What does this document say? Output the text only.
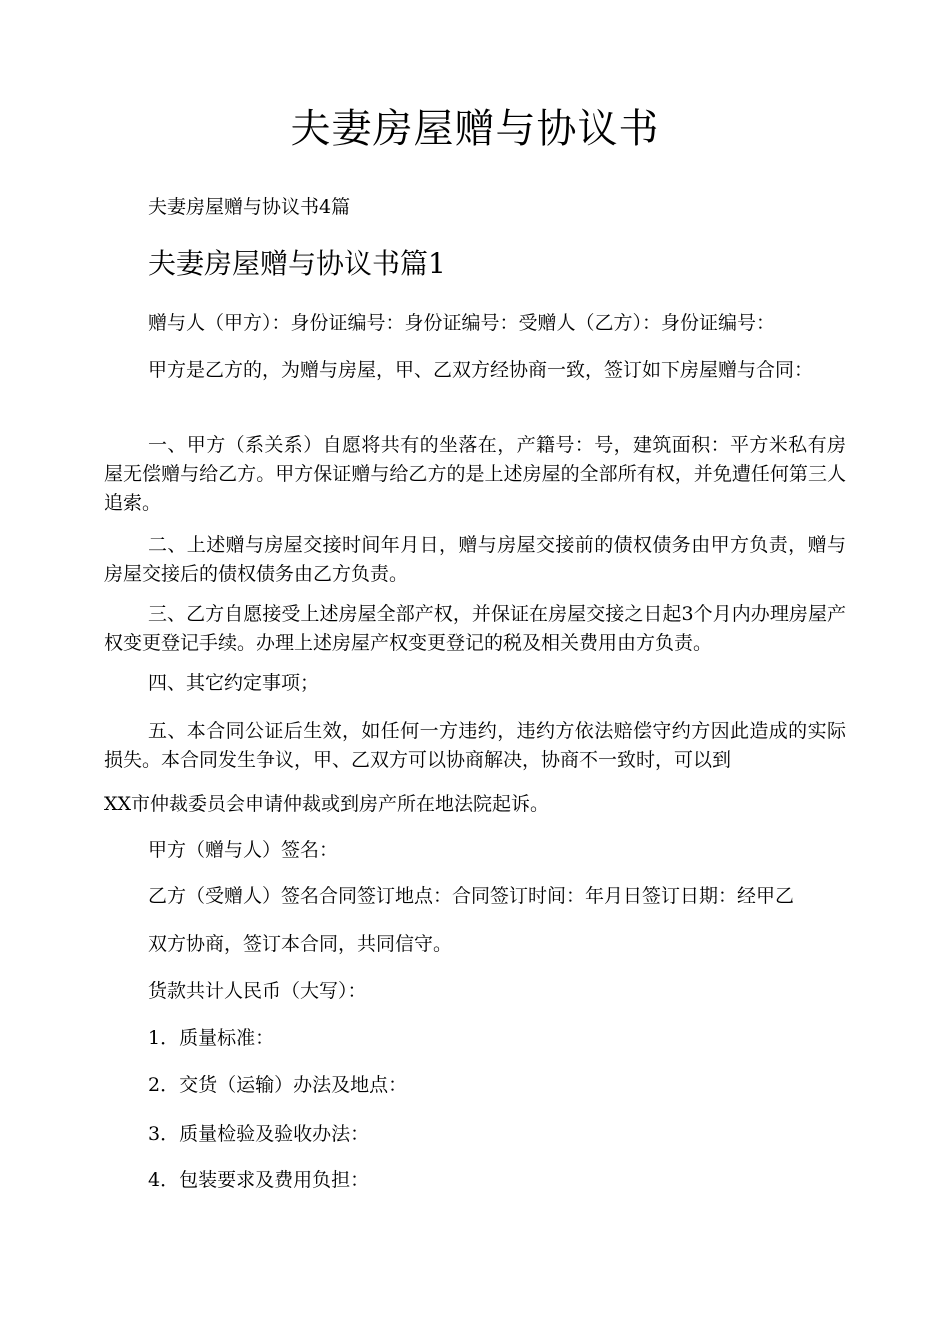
夫妻房屋赠与协议书

夫妻房屋赠与协议书4篇

夫妻房屋赠与协议书篇1

赠与人（甲方）：身份证编号：身份证编号：受赠人（乙方）：身份证编号：

甲方是乙方的，为赠与房屋，甲、乙双方经协商一致，签订如下房屋赠与合同：

一、甲方（系关系）自愿将共有的坐落在，产籍号：号，建筑面积：平方米私有房屋无偿赠与给乙方。甲方保证赠与给乙方的是上述房屋的全部所有权，并免遭任何第三人追索。

二、上述赠与房屋交接时间年月日，赠与房屋交接前的债权债务由甲方负责，赠与房屋交接后的债权债务由乙方负责。

三、乙方自愿接受上述房屋全部产权，并保证在房屋交接之日起3个月内办理房屋产权变更登记手续。办理上述房屋产权变更登记的税及相关费用由方负责。

四、其它约定事项；

五、本合同公证后生效，如任何一方违约，违约方依法赔偿守约方因此造成的实际损失。本合同发生争议，甲、乙双方可以协商解决，协商不一致时，可以到

XX市仲裁委员会申请仲裁或到房产所在地法院起诉。

甲方（赠与人）签名：

乙方（受赠人）签名合同签订地点：合同签订时间：年月日签订日期：经甲乙

双方协商，签订本合同，共同信守。

货款共计人民币（大写）：

1．质量标准：

2．交货（运输）办法及地点：

3．质量检验及验收办法：

4．包装要求及费用负担：
